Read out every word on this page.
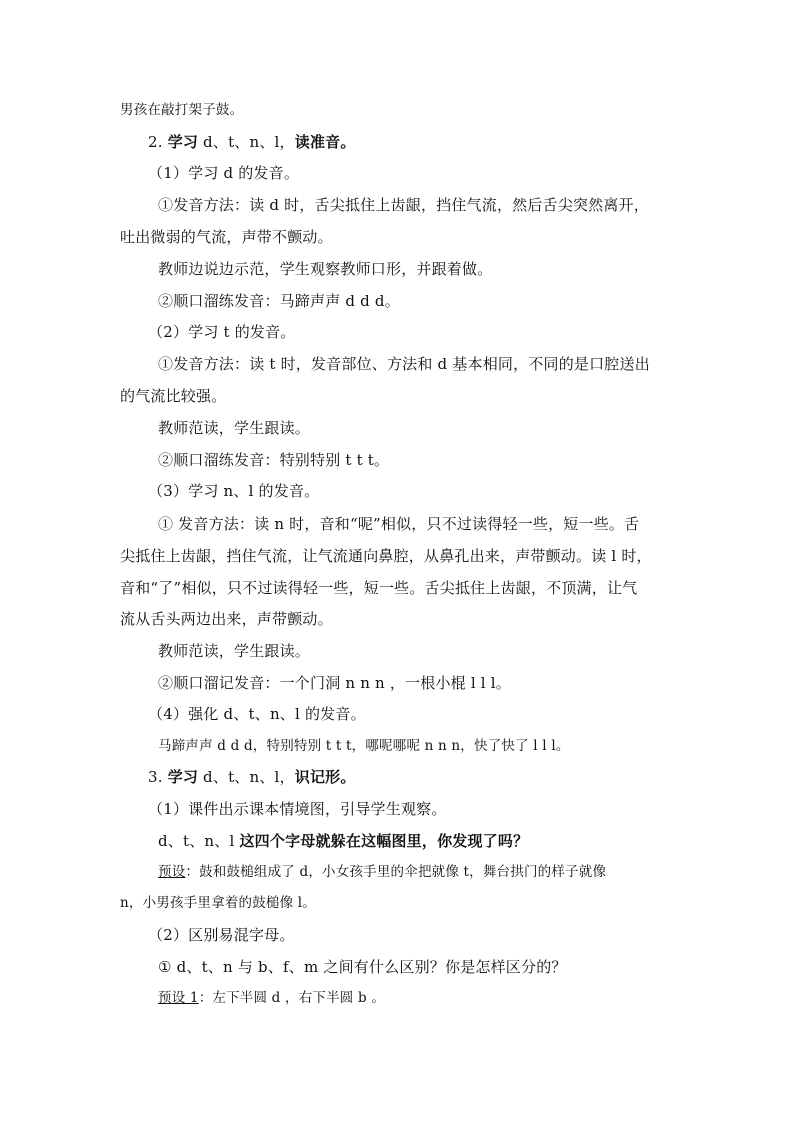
男孩在敲打架子鼓。
2. 学习 d、t、n、l，读准音。
（1）学习 d 的发音。
①发音方法：读 d 时，舌尖抵住上齿龈，挡住气流，然后舌尖突然离开，
吐出微弱的气流，声带不颤动。
教师边说边示范，学生观察教师口形，并跟着做。
②顺口溜练发音：马蹄声声 d d d。
（2）学习 t 的发音。
①发音方法：读 t 时，发音部位、方法和 d 基本相同，不同的是口腔送出
的气流比较强。
教师范读，学生跟读。
②顺口溜练发音：特别特别 t t t。
（3）学习 n、l 的发音。
① 发音方法：读 n 时，音和“呢”相似，只不过读得轻一些，短一些。舌
尖抵住上齿龈，挡住气流，让气流通向鼻腔，从鼻孔出来，声带颤动。读 l 时，
音和“了”相似，只不过读得轻一些，短一些。舌尖抵住上齿龈，不顶满，让气
流从舌头两边出来，声带颤动。
教师范读，学生跟读。
②顺口溜记发音：一个门洞 n n n ，一根小棍 l l l。
（4）强化 d、t、n、l 的发音。
马蹄声声 d d d，特别特别 t t t，哪呢哪呢 n n n，快了快了 l l l。
3. 学习 d、t、n、l，识记形。
（1）课件出示课本情境图，引导学生观察。
d、t、n、l 这四个字母就躲在这幅图里，你发现了吗？
预设：鼓和鼓槌组成了 d，小女孩手里的伞把就像 t，舞台拱门的样子就像
n，小男孩手里拿着的鼓槌像 l。
（2）区别易混字母。
① d、t、n 与 b、f、m 之间有什么区别？你是怎样区分的？
预设 1：左下半圆 d ，右下半圆 b 。
